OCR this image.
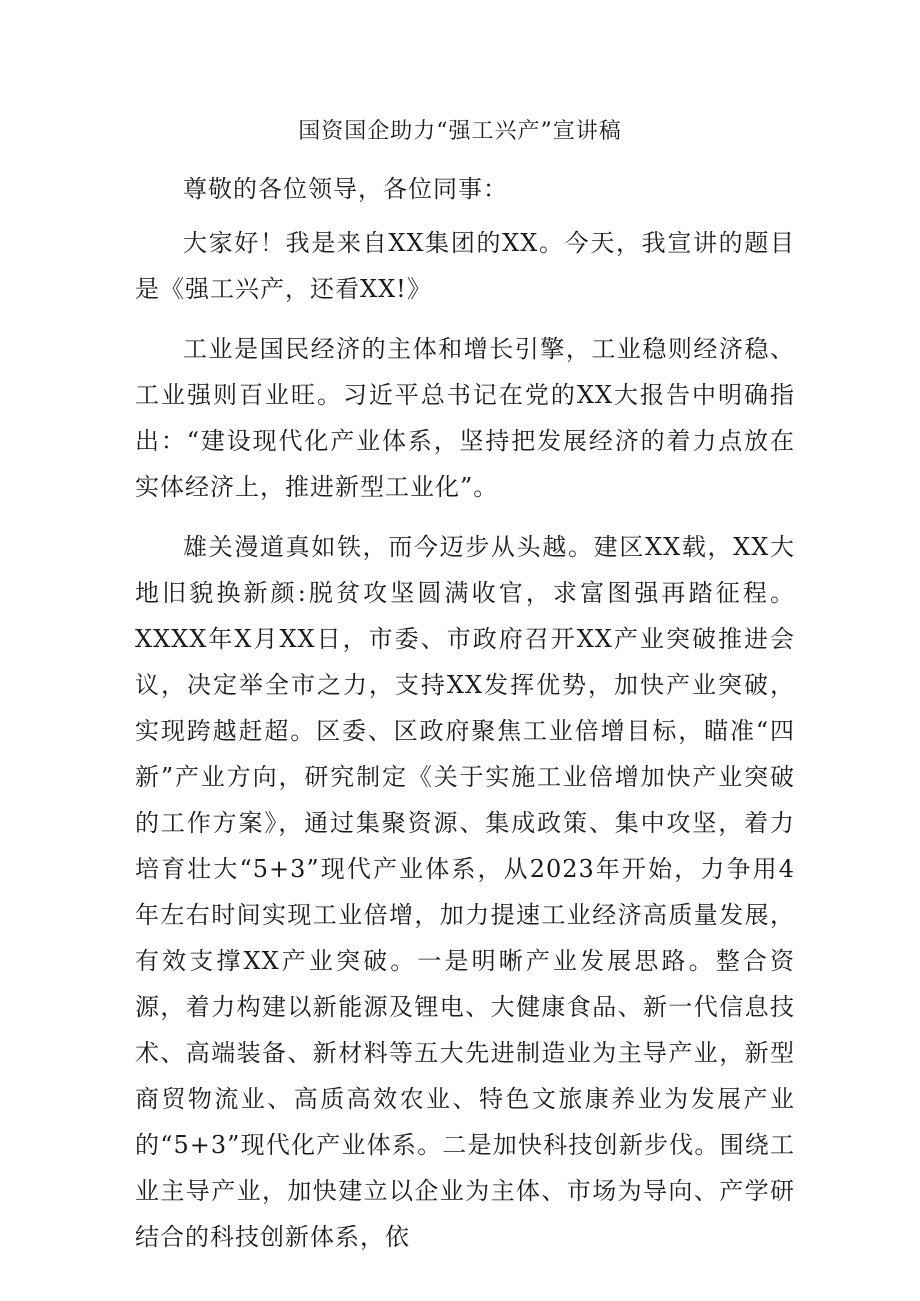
国资国企助力“强工兴产”宣讲稿

尊敬的各位领导，各位同事：

大家好！我是来自XX集团的XX。今天，我宣讲的题目是《强工兴产，还看XX!》

工业是国民经济的主体和增长引擎，工业稳则经济稳、工业强则百业旺。习近平总书记在党的XX大报告中明确指出：“建设现代化产业体系，坚持把发展经济的着力点放在实体经济上，推进新型工业化”。

雄关漫道真如铁，而今迈步从头越。建区XX载，XX大地旧貌换新颜:脱贫攻坚圆满收官，求富图强再踏征程。XXXX年X月XX日，市委、市政府召开XX产业突破推进会议，决定举全市之力，支持XX发挥优势，加快产业突破，实现跨越赶超。区委、区政府聚焦工业倍增目标，瞄准“四新”产业方向，研究制定《关于实施工业倍增加快产业突破的工作方案》，通过集聚资源、集成政策、集中攻坚，着力培育壮大“5+3”现代产业体系，从2023年开始，力争用4年左右时间实现工业倍增，加力提速工业经济高质量发展，有效支撑XX产业突破。一是明晰产业发展思路。整合资源，着力构建以新能源及锂电、大健康食品、新一代信息技术、高端装备、新材料等五大先进制造业为主导产业，新型商贸物流业、高质高效农业、特色文旅康养业为发展产业的“5+3”现代化产业体系。二是加快科技创新步伐。围绕工业主导产业，加快建立以企业为主体、市场为导向、产学研结合的科技创新体系，依
